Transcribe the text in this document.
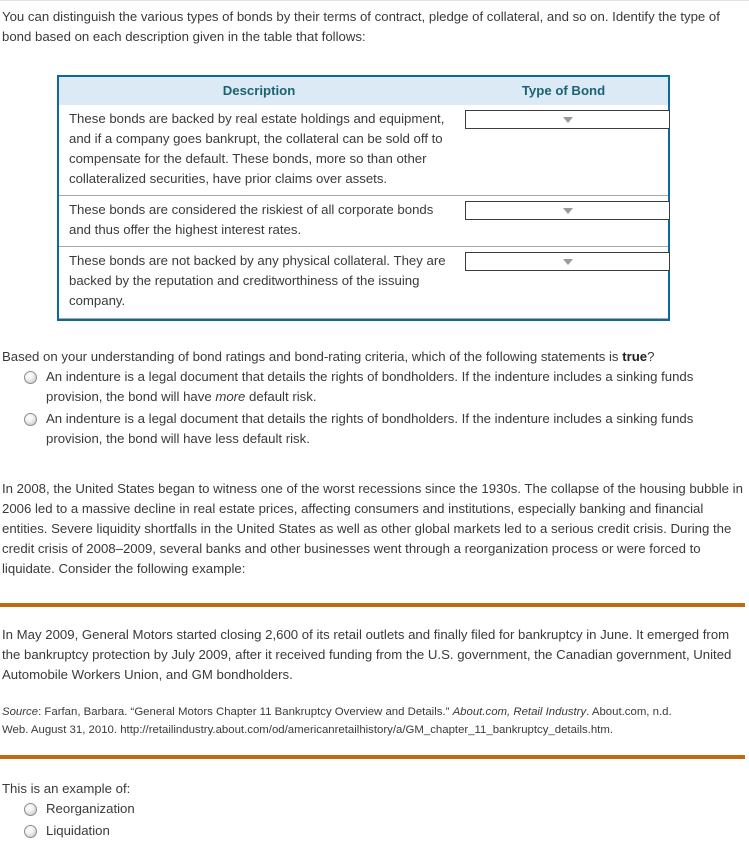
You can distinguish the various types of bonds by their terms of contract, pledge of collateral, and so on. Identify the type of bond based on each description given in the table that follows:

Description	Type of Bond
These bonds are backed by real estate holdings and equipment, and if a company goes bankrupt, the collateral can be sold off to compensate for the default. These bonds, more so than other collateralized securities, have prior claims over assets.	

These bonds are considered the riskiest of all corporate bonds and thus offer the highest interest rates.	

These bonds are not backed by any physical collateral. They are backed by the reputation and creditworthiness of the issuing company.	

Based on your understanding of bond ratings and bond-rating criteria, which of the following statements is true?

An indenture is a legal document that details the rights of bondholders. If the indenture includes a sinking funds provision, the bond will have more default risk.
An indenture is a legal document that details the rights of bondholders. If the indenture includes a sinking funds provision, the bond will have less default risk.

In 2008, the United States began to witness one of the worst recessions since the 1930s. The collapse of the housing bubble in 2006 led to a massive decline in real estate prices, affecting consumers and institutions, especially banking and financial entities. Severe liquidity shortfalls in the United States as well as other global markets led to a serious credit crisis. During the credit crisis of 2008–2009, several banks and other businesses went through a reorganization process or were forced to liquidate. Consider the following example:

In May 2009, General Motors started closing 2,600 of its retail outlets and finally filed for bankruptcy in June. It emerged from the bankruptcy protection by July 2009, after it received funding from the U.S. government, the Canadian government, United Automobile Workers Union, and GM bondholders.

Source: Farfan, Barbara. “General Motors Chapter 11 Bankruptcy Overview and Details.” About.com, Retail Industry. About.com, n.d.
Web. August 31, 2010. http://retailindustry.about.com/od/americanretailhistory/a/GM_chapter_11_bankruptcy_details.htm.

This is an example of:

Reorganization
Liquidation
